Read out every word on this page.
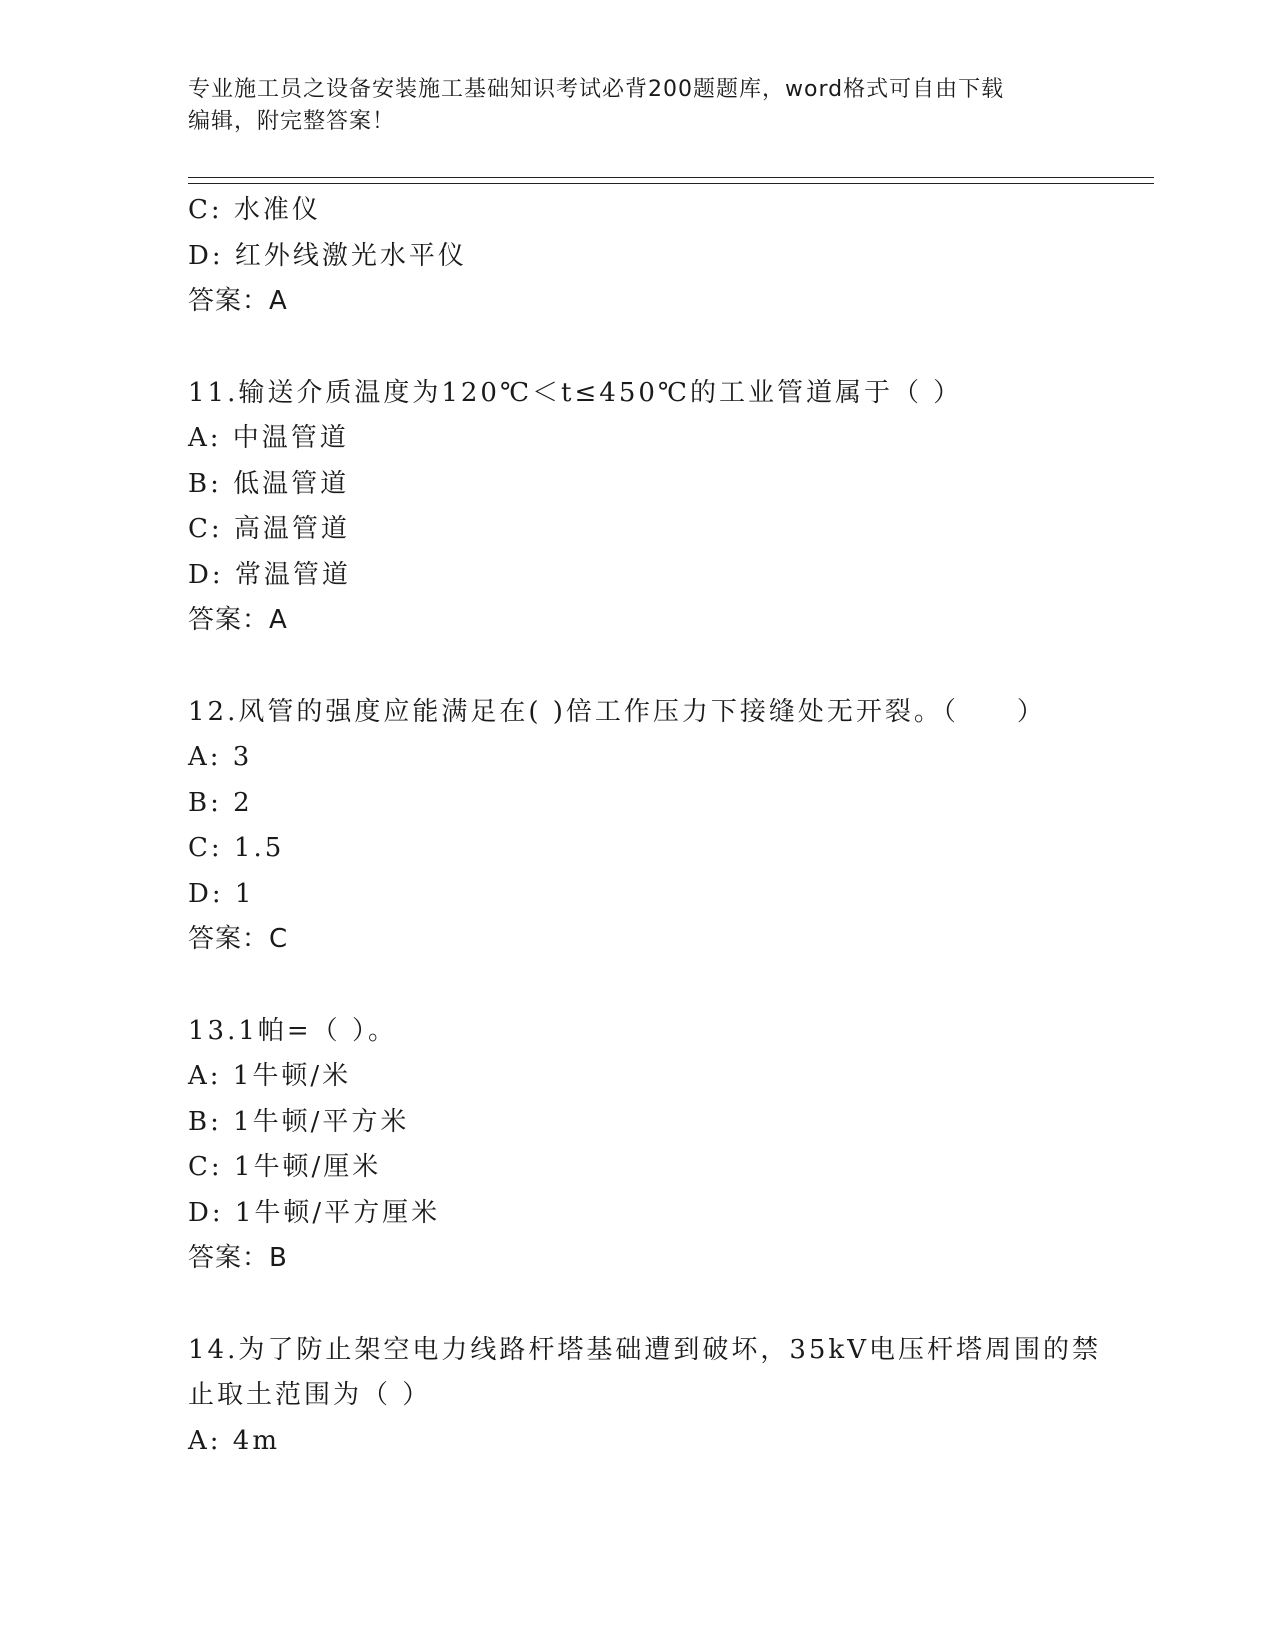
专业施工员之设备安装施工基础知识考试必背200题题库，word格式可自由下载
编辑，附完整答案！
C: 水准仪
D: 红外线激光水平仪
答案：A
11.输送介质温度为120℃＜t≤450℃的工业管道属于（ ）
A: 中温管道
B: 低温管道
C: 高温管道
D: 常温管道
答案：A
12.风管的强度应能满足在( )倍工作压力下接缝处无开裂。（　　）
A: 3
B: 2
C: 1.5
D: 1
答案：C
13.1帕=（ ）。
A: 1牛顿/米
B: 1牛顿/平方米
C: 1牛顿/厘米
D: 1牛顿/平方厘米
答案：B
14.为了防止架空电力线路杆塔基础遭到破坏，35kV电压杆塔周围的禁
止取土范围为（ ）
A: 4m
